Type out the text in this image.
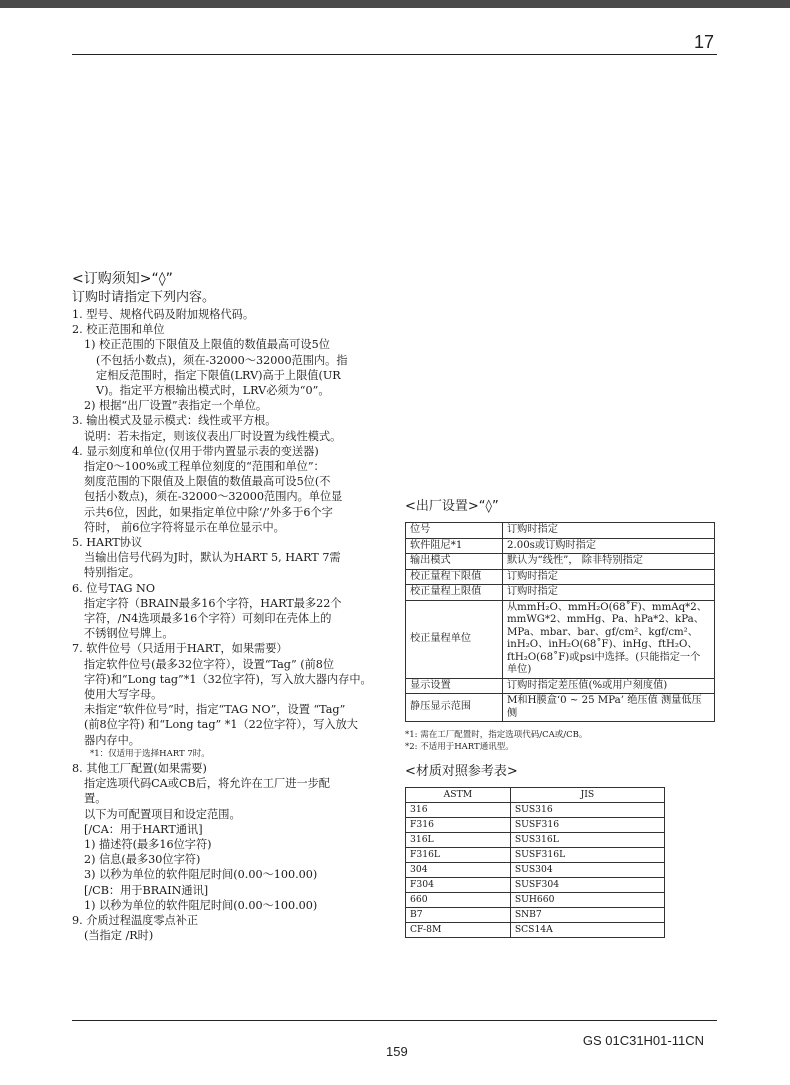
17
<订购须知>“◊”
订购时请指定下列内容。
1. 型号、规格代码及附加规格代码。
2. 校正范围和单位
1) 校正范围的下限值及上限值的数值最高可设5位
(不包括小数点)，须在-32000～32000范围内。指
定相反范围时，指定下限值(LRV)高于上限值(UR
V)。指定平方根输出模式时，LRV必须为“0”。
2) 根据“出厂设置”表指定一个单位。
3. 输出模式及显示模式：线性或平方根。
说明：若未指定，则该仪表出厂时设置为线性模式。
4. 显示刻度和单位(仅用于带内置显示表的变送器)
指定0～100%或工程单位刻度的“范围和单位”：
刻度范围的下限值及上限值的数值最高可设5位(不
包括小数点)，须在-32000～32000范围内。单位显
示共6位，因此，如果指定单位中除‘/’外多于6个字
符时， 前6位字符将显示在单位显示中。
5. HART协议
当输出信号代码为J时，默认为HART 5, HART 7需
特别指定。
6. 位号TAG NO
指定字符（BRAIN最多16个字符，HART最多22个
字符，/N4选项最多16个字符）可刻印在壳体上的
不锈钢位号牌上。
7. 软件位号（只适用于HART，如果需要）
指定软件位号(最多32位字符），设置“Tag” (前8位
字符)和“Long tag”*1（32位字符)，写入放大器内存中。
使用大写字母。
未指定“软件位号”时，指定“TAG NO”，设置 “Tag”
(前8位字符) 和“Long tag” *1（22位字符），写入放大
器内存中。
*1：仅适用于选择HART 7时。
8. 其他工厂配置(如果需要)
指定选项代码CA或CB后，将允许在工厂进一步配
置。
以下为可配置项目和设定范围。
[/CA：用于HART通讯]
1) 描述符(最多16位字符)
2) 信息(最多30位字符)
3) 以秒为单位的软件阻尼时间(0.00～100.00)
[/CB：用于BRAIN通讯]
1) 以秒为单位的软件阻尼时间(0.00～100.00)
9. 介质过程温度零点补正
(当指定 /R时)
<出厂设置>“◊”
位号	订购时指定
软件阻尼*1	2.00s或订购时指定
输出模式	默认为“线性”， 除非特别指定
校正量程下限值	订购时指定
校正量程上限值	订购时指定
校正量程单位	从mmH₂O、mmH₂O(68˚F)、mmAq*2、mmWG*2、mmHg、Pa、hPa*2、kPa、MPa、mbar、bar、gf/cm²、kgf/cm²、inH₂O、inH₂O(68˚F)、inHg、ftH₂O、ftH₂O(68˚F)或psi中选择。(只能指定一个单位)
显示设置	订购时指定差压值(%或用户刻度值)
静压显示范围	M和H膜盒‘0 ~ 25 MPa’ 绝压值 测量低压侧
*1: 需在工厂配置时，指定选项代码/CA或/CB。
*2: 不适用于HART通讯型。
<材质对照参考表>
ASTM	JIS
316	SUS316
F316	SUSF316
316L	SUS316L
F316L	SUSF316L
304	SUS304
F304	SUSF304
660	SUH660
B7	SNB7
CF-8M	SCS14A
159
GS 01C31H01-11CN
